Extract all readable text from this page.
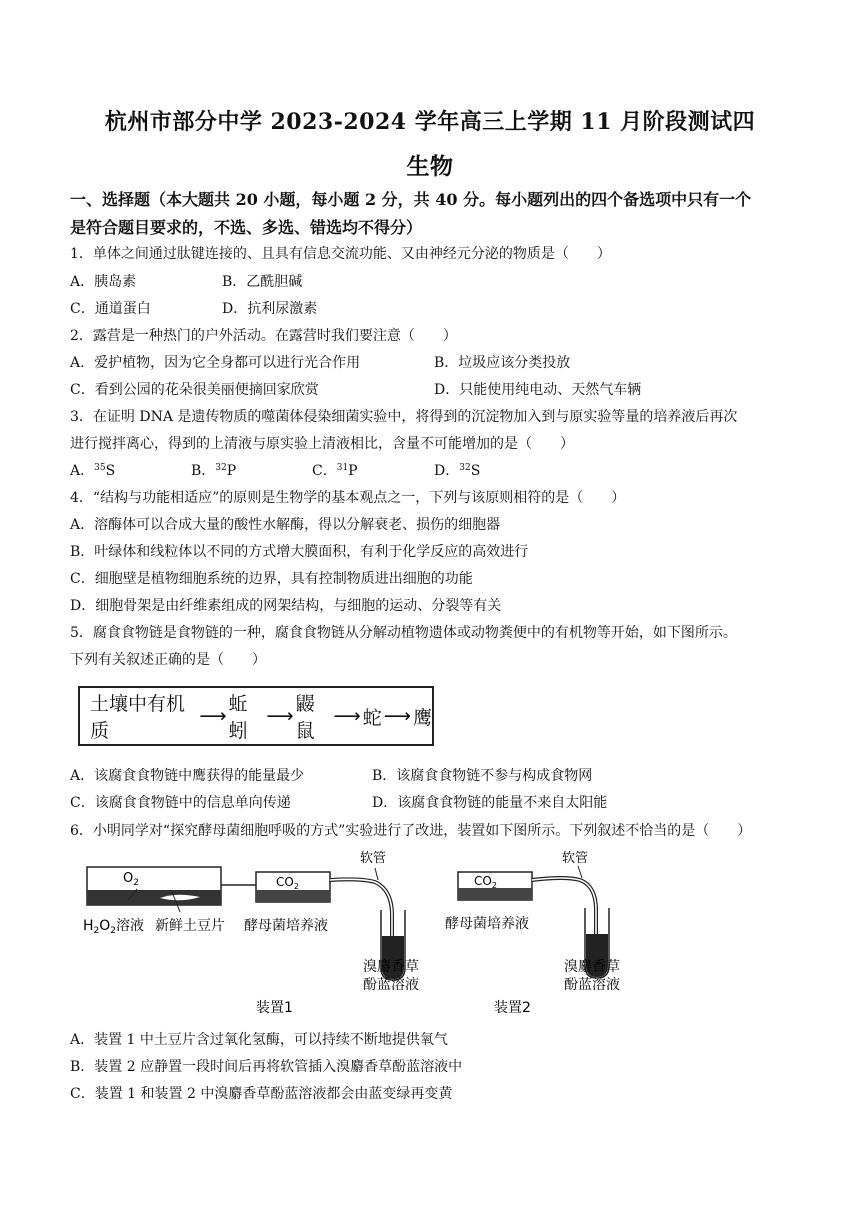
杭州市部分中学 2023-2024 学年高三上学期 11 月阶段测试四
生物
一、选择题（本大题共 20 小题，每小题 2 分，共 40 分。每小题列出的四个备选项中只有一个
是符合题目要求的，不选、多选、错选均不得分）
1．单体之间通过肽键连接的、且具有信息交流功能、又由神经元分泌的物质是（　　）
A．胰岛素	B．乙酰胆碱
C．通道蛋白	D．抗利尿激素
2．露营是一种热门的户外活动。在露营时我们要注意（　　）
A．爱护植物，因为它全身都可以进行光合作用	B．垃圾应该分类投放
C．看到公园的花朵很美丽便摘回家欣赏	D．只能使用纯电动、天然气车辆
3．在证明 DNA 是遗传物质的噬菌体侵染细菌实验中，将得到的沉淀物加入到与原实验等量的培养液后再次
进行搅拌离心，得到的上清液与原实验上清液相比，含量不可能增加的是（　　）
A．$^{35}$S	B．$^{32}$P	C．$^{31}$P	D．$^{32}$S
4．“结构与功能相适应”的原则是生物学的基本观点之一，下列与该原则相符的是（　　）
A．溶酶体可以合成大量的酸性水解酶，得以分解衰老、损伤的细胞器
B．叶绿体和线粒体以不同的方式增大膜面积，有利于化学反应的高效进行
C．细胞壁是植物细胞系统的边界，具有控制物质进出细胞的功能
D．细胞骨架是由纤维素组成的网架结构，与细胞的运动、分裂等有关
5．腐食食物链是食物链的一种，腐食食物链从分解动植物遗体或动物粪便中的有机物等开始，如下图所示。
下列有关叙述正确的是（　　）
土壤中有机质
⟶
蚯蚓
⟶
鼹鼠
⟶ 蛇 ⟶ 鹰
A．该腐食食物链中鹰获得的能量最少	B．该腐食食物链不参与构成食物网
C．该腐食食物链中的信息单向传递	D．该腐食食物链的能量不来自太阳能
6．小明同学对“探究酵母菌细胞呼吸的方式”实验进行了改进，装置如下图所示。下列叙述不恰当的是（　　）
$O_2$
$H_2O_2$溶液 新鲜土豆片
$CO_2$
酵母菌培养液
软管
溴麝香草
酚蓝溶液
装置1
$CO_2$
酵母菌培养液
软管
溴麝香草
酚蓝溶液
装置2
A．装置 1 中土豆片含过氧化氢酶，可以持续不断地提供氧气
B．装置 2 应静置一段时间后再将软管插入溴麝香草酚蓝溶液中
C．装置 1 和装置 2 中溴麝香草酚蓝溶液都会由蓝变绿再变黄
